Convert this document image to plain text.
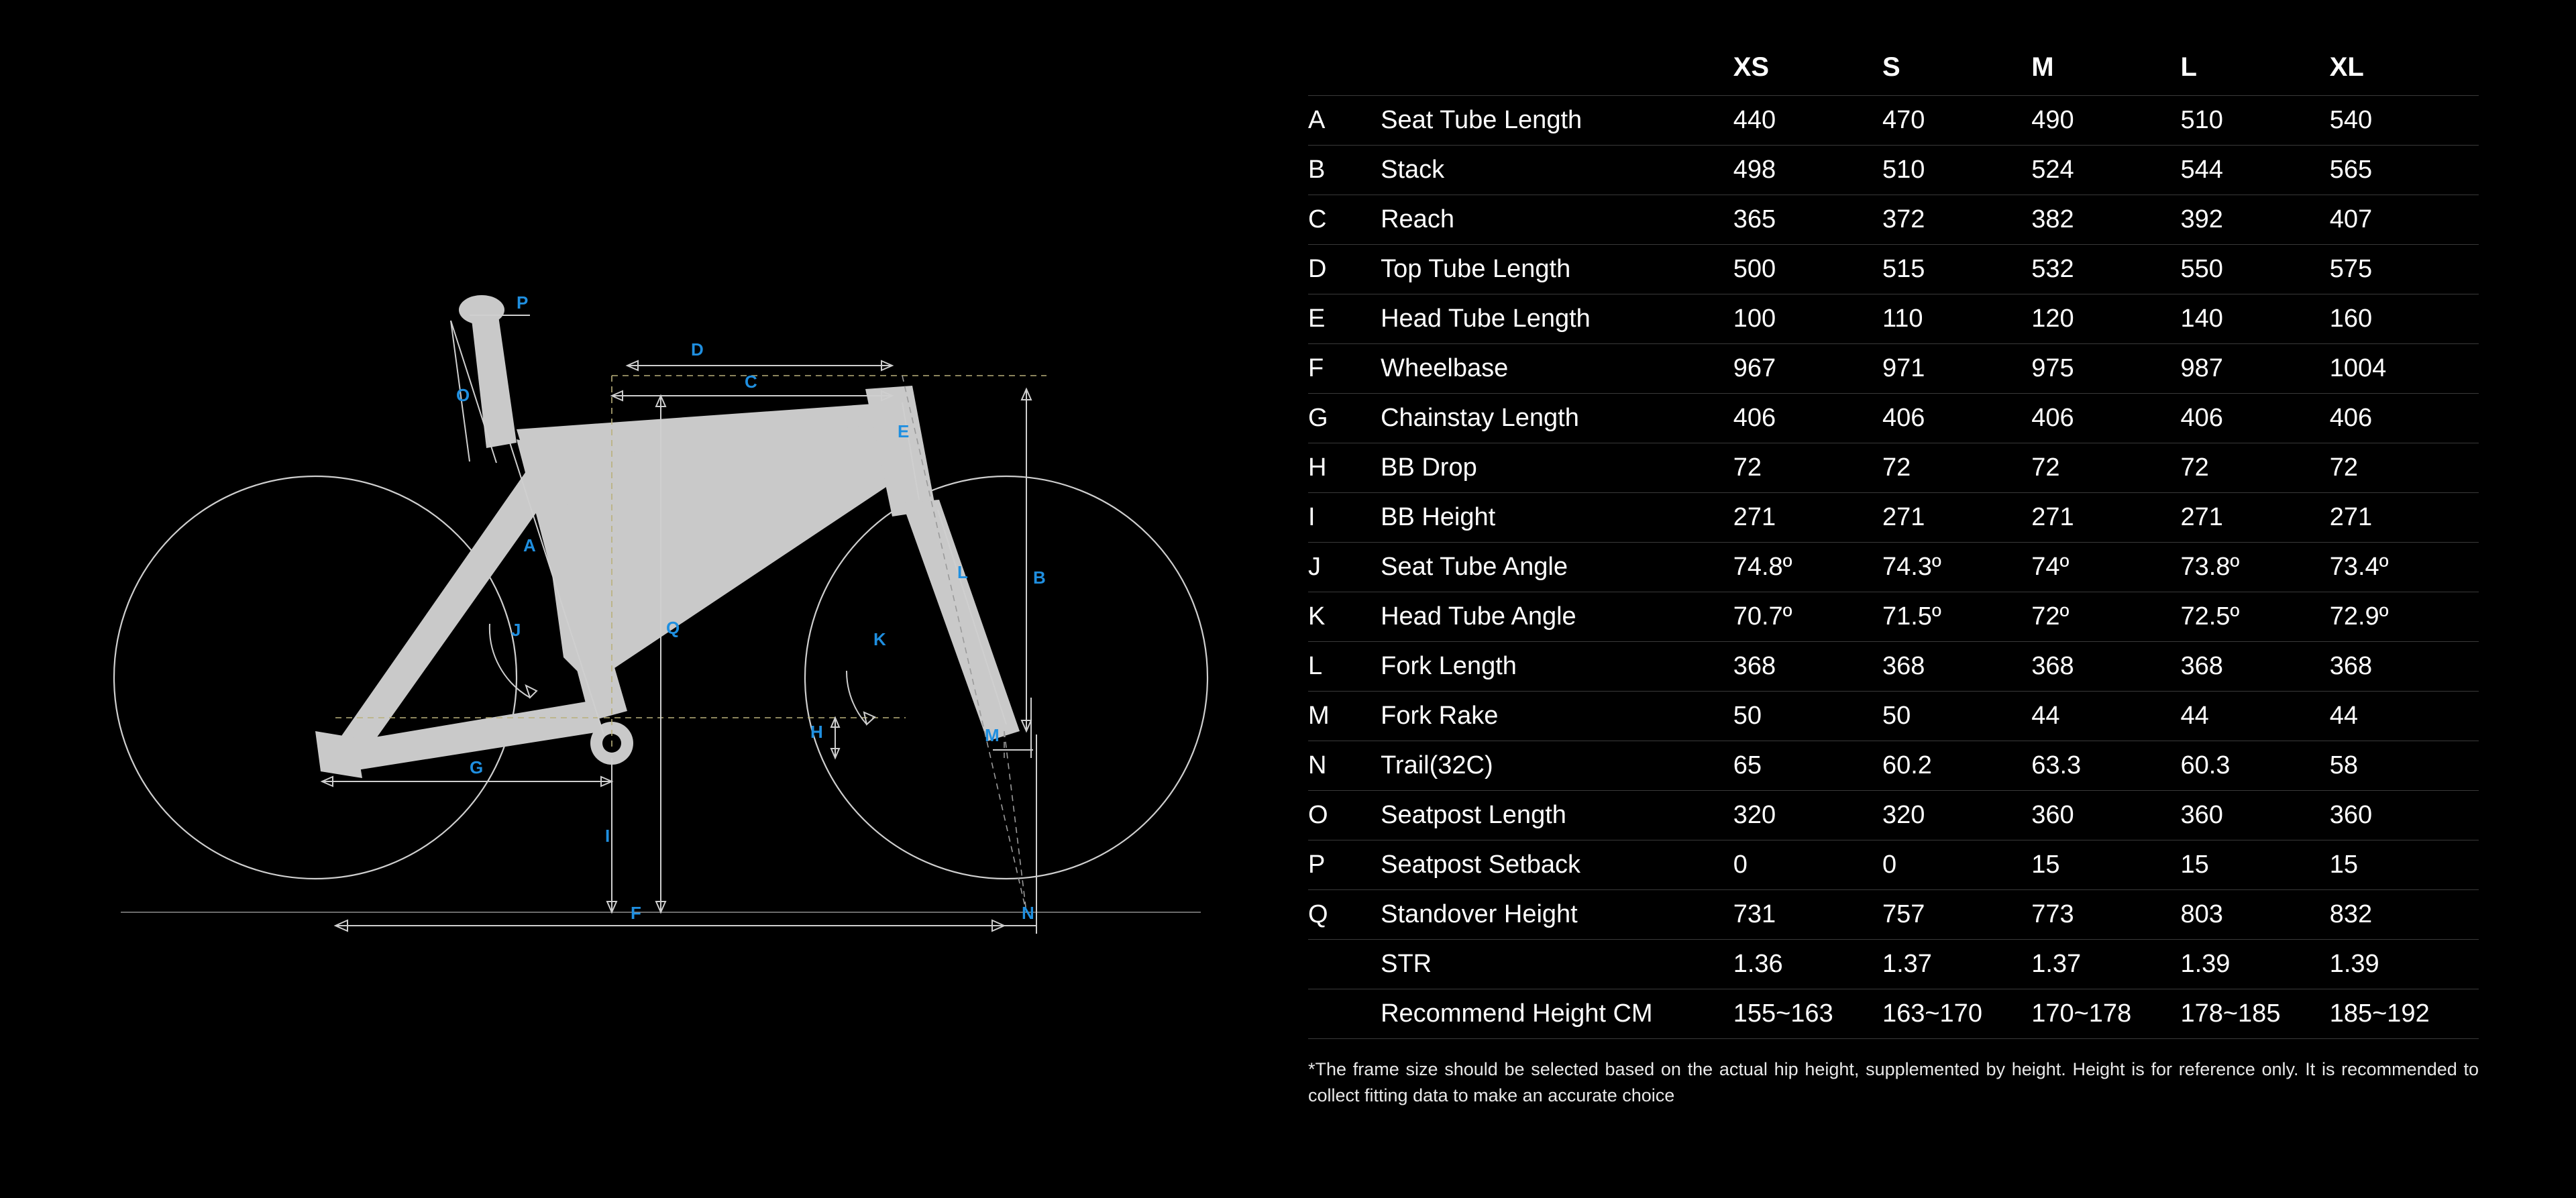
P
D
C
O
E
A
B
L
J	Q
K
H	M
G
I
F	N
		XS	S	M	L	XL
A	Seat Tube Length	440	470	490	510	540
B	Stack	498	510	524	544	565
C	Reach	365	372	382	392	407
D	Top Tube Length	500	515	532	550	575
E	Head Tube Length	100	110	120	140	160
F	Wheelbase	967	971	975	987	1004
G	Chainstay Length	406	406	406	406	406
H	BB Drop	72	72	72	72	72
I	BB Height	271	271	271	271	271
J	Seat Tube Angle	74.8º	74.3º	74º	73.8º	73.4º
K	Head Tube Angle	70.7º	71.5º	72º	72.5º	72.9º
L	Fork Length	368	368	368	368	368
M	Fork Rake	50	50	44	44	44
N	Trail(32C)	65	60.2	63.3	60.3	58
O	Seatpost Length	320	320	360	360	360
P	Seatpost Setback	0	0	15	15	15
Q	Standover Height	731	757	773	803	832
	STR	1.36	1.37	1.37	1.39	1.39
	Recommend Height CM	155~163	163~170	170~178	178~185	185~192
*The frame size should be selected based on the actual hip height, supplemented by height. Height is for reference only. It is recommended to collect fitting data to make an accurate choice
